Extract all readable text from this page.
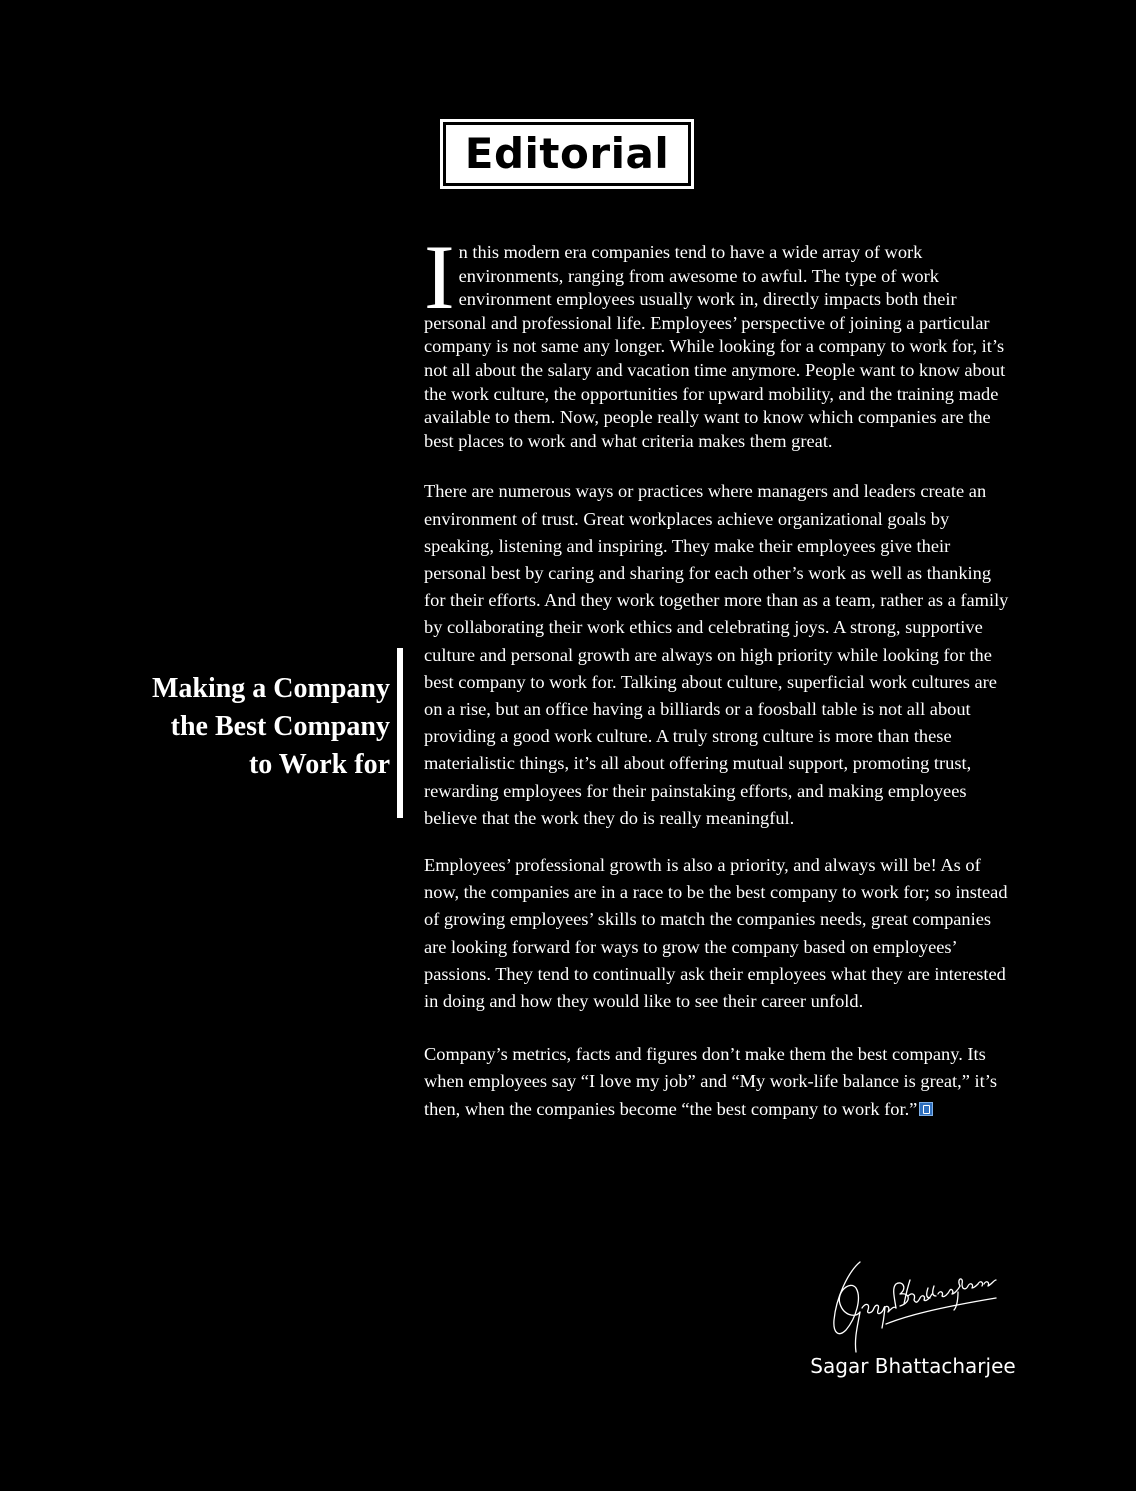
Editorial
Making a Company
the Best Company
to Work for

In this modern era companies tend to have a wide array of work environments, ranging from awesome to awful. The type of work environment employees usually work in, directly impacts both their personal and professional life. Employees’ perspective of joining a particular company is not same any longer. While looking for a company to work for, it’s not all about the salary and vacation time anymore. People want to know about the work culture, the opportunities for upward mobility, and the training made available to them. Now, people really want to know which companies are the best places to work and what criteria makes them great.

There are numerous ways or practices where managers and leaders create an environment of trust. Great workplaces achieve organizational goals by speaking, listening and inspiring. They make their employees give their personal best by caring and sharing for each other’s work as well as thanking for their efforts. And they work together more than as a team, rather as a family by collaborating their work ethics and celebrating joys. A strong, supportive culture and personal growth are always on high priority while looking for the best company to work for. Talking about culture, superficial work cultures are on a rise, but an office having a billiards or a foosball table is not all about providing a good work culture. A truly strong culture is more than these materialistic things, it’s all about offering mutual support, promoting trust, rewarding employees for their painstaking efforts, and making employees believe that the work they do is really meaningful.

Employees’ professional growth is also a priority, and always will be! As of now, the companies are in a race to be the best company to work for; so instead of growing employees’ skills to match the companies needs, great companies are looking forward for ways to grow the company based on employees’ passions. They tend to continually ask their employees what they are interested in doing and how they would like to see their career unfold.

Company’s metrics, facts and figures don’t make them the best company. Its when employees say “I love my job” and “My work-life balance is great,” it’s then, when the companies become “the best company to work for.”

Sagar Bhattacharjee
